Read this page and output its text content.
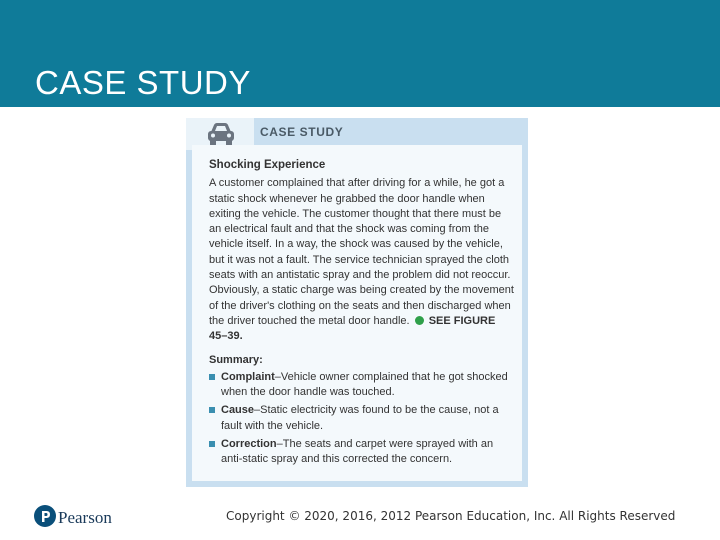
CASE STUDY
CASE STUDY
Shocking Experience

A customer complained that after driving for a while, he got a static shock whenever he grabbed the door handle when exiting the vehicle. The customer thought that there must be an electrical fault and that the shock was coming from the vehicle itself. In a way, the shock was caused by the vehicle, but it was not a fault. The service technician sprayed the cloth seats with an antistatic spray and the problem did not reoccur. Obviously, a static charge was being created by the movement of the driver's clothing on the seats and then discharged when the driver touched the metal door handle. SEE FIGURE 45–39.

Summary:
Complaint–Vehicle owner complained that he got shocked when the door handle was touched.
Cause–Static electricity was found to be the cause, not a fault with the vehicle.
Correction–The seats and carpet were sprayed with an anti-static spray and this corrected the concern.
Pearson	Copyright © 2020, 2016, 2012 Pearson Education, Inc. All Rights Reserved
